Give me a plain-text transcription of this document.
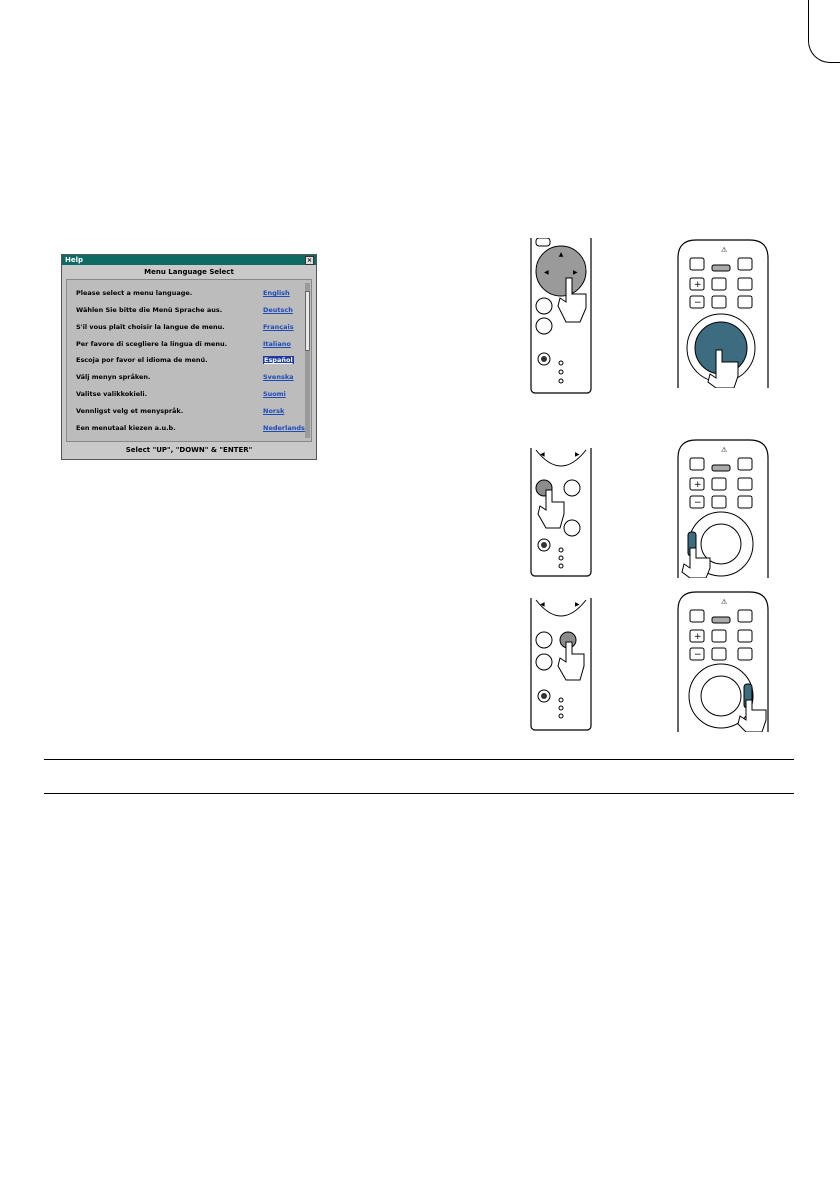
Help	×
Menu Language Select
Please select a menu language.	English
Wählen Sie bitte die Menü Sprache aus.	Deutsch
S'il vous plaît choisir la langue de menu.	Français
Per favore di scegliere la lingua di menu.	Italiano
Escoja por favor el idioma de menú.	Español
Välj menyn språken.	Svenska
Valitse valikkokieli.	Suomi
Vennligst velg et menyspråk.	Norsk
Een menutaal kiezen a.u.b.	Nederlands
Select "UP", "DOWN" & "ENTER"
▲
◀	▶
⚠
+
−
◀	▶
⚠
+
−
◀	▶	⚠
+
−
